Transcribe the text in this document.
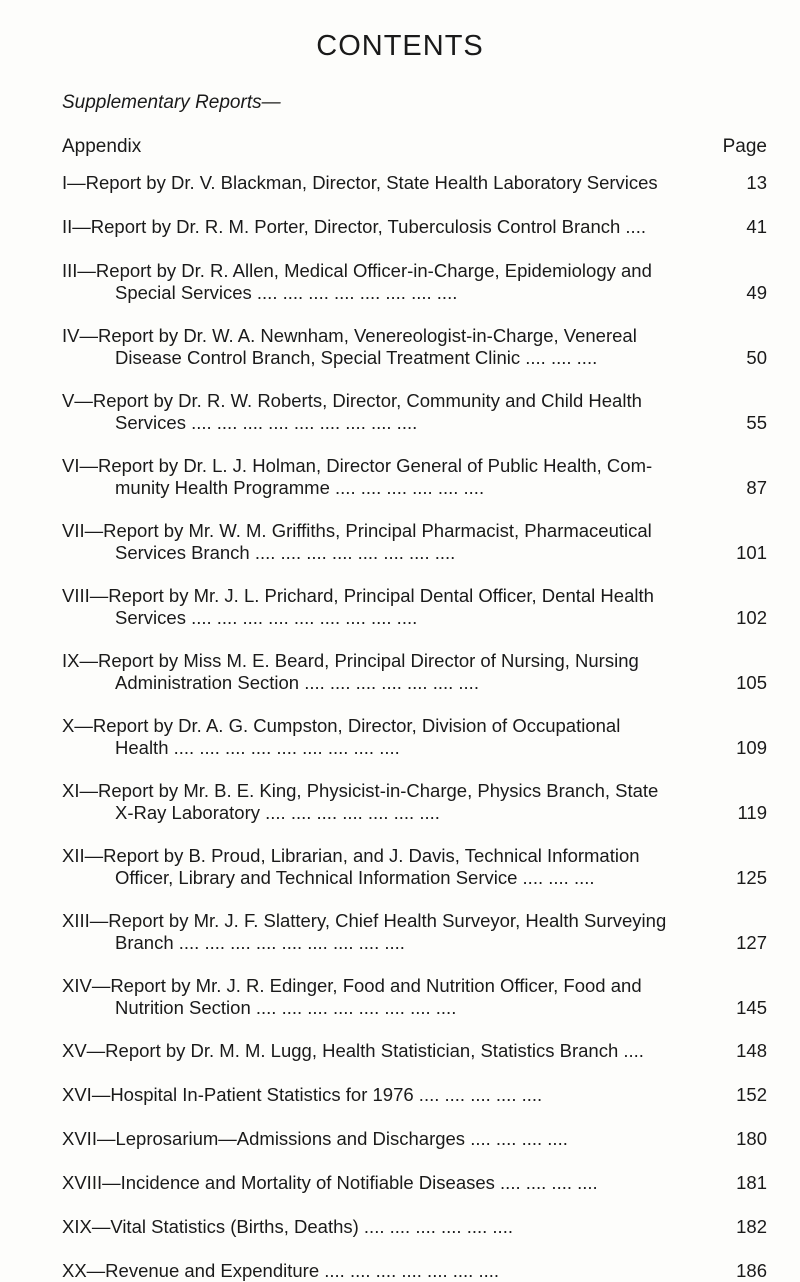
CONTENTS
Supplementary Reports—
Appendix	Page
I—Report by Dr. V. Blackman, Director, State Health Laboratory Services	13
II—Report by Dr. R. M. Porter, Director, Tuberculosis Control Branch ....	41
III—Report by Dr. R. Allen, Medical Officer-in-Charge, Epidemiology and
Special Services .... .... .... .... .... .... .... ....	49
IV—Report by Dr. W. A. Newnham, Venereologist-in-Charge, Venereal
Disease Control Branch, Special Treatment Clinic .... .... ....	50
V—Report by Dr. R. W. Roberts, Director, Community and Child Health
Services .... .... .... .... .... .... .... .... ....	55
VI—Report by Dr. L. J. Holman, Director General of Public Health, Com-
munity Health Programme .... .... .... .... .... ....	87
VII—Report by Mr. W. M. Griffiths, Principal Pharmacist, Pharmaceutical
Services Branch .... .... .... .... .... .... .... ....	101
VIII—Report by Mr. J. L. Prichard, Principal Dental Officer, Dental Health
Services .... .... .... .... .... .... .... .... ....	102
IX—Report by Miss M. E. Beard, Principal Director of Nursing, Nursing
Administration Section .... .... .... .... .... .... ....	105
X—Report by Dr. A. G. Cumpston, Director, Division of Occupational
Health .... .... .... .... .... .... .... .... ....	109
XI—Report by Mr. B. E. King, Physicist-in-Charge, Physics Branch, State
X-Ray Laboratory .... .... .... .... .... .... ....	119
XII—Report by B. Proud, Librarian, and J. Davis, Technical Information
Officer, Library and Technical Information Service .... .... ....	125
XIII—Report by Mr. J. F. Slattery, Chief Health Surveyor, Health Surveying
Branch .... .... .... .... .... .... .... .... ....	127
XIV—Report by Mr. J. R. Edinger, Food and Nutrition Officer, Food and
Nutrition Section .... .... .... .... .... .... .... ....	145
XV—Report by Dr. M. M. Lugg, Health Statistician, Statistics Branch ....	148
XVI—Hospital In-Patient Statistics for 1976 .... .... .... .... ....	152
XVII—Leprosarium—Admissions and Discharges .... .... .... ....	180
XVIII—Incidence and Mortality of Notifiable Diseases .... .... .... ....	181
XIX—Vital Statistics (Births, Deaths) .... .... .... .... .... ....	182
XX—Revenue and Expenditure .... .... .... .... .... .... ....	186
